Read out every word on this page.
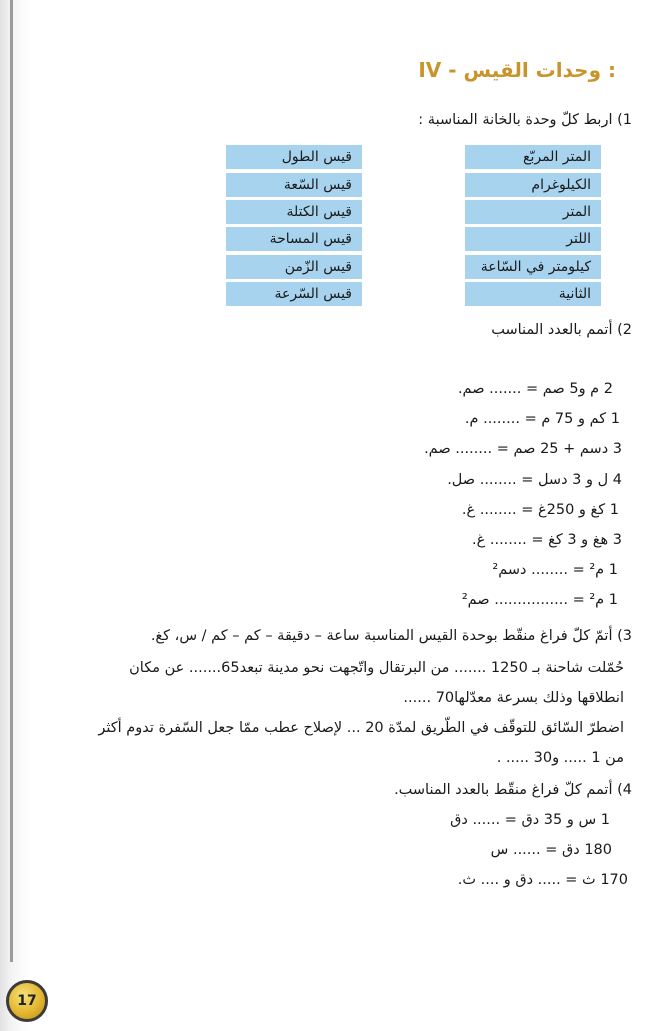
IV - وحدات القيس :
1) اربط كلّ وحدة بالخانة المناسبة :
المتر المربّع
الكيلوغرام
المتر
اللتر
كيلومتر في السّاعة
الثانية
قيس الطول
قيس السّعة
قيس الكتلة
قيس المساحة
قيس الزّمن
قيس السّرعة
2) أتمم بالعدد المناسب
2 م و5 صم = ....... صم.
1 كم و 75 م = ........ م.
3 دسم + 25 صم = ........ صم.
4 ل و 3 دسل = ........ صل.
1 كغ و 250غ = ........ غ.
3 هغ و 3 كغ = ........ غ.
1 م² = ........ دسم²
1 م² = ................ صم²
3) أتمّ كلّ فراغ منقّط بوحدة القيس المناسبة ساعة – دقيقة – كم – كم / س، كغ.
حُمّلت شاحنة بـ 1250 ....... من البرتقال واتّجهت نحو مدينة تبعد65....... عن مكان
انطلاقها وذلك بسرعة معدّلها70 ......
اضطرّ السّائق للتوقّف في الطّريق لمدّة 20 ... لإصلاح عطب ممّا جعل السّفرة تدوم أكثر
من 1 ..... و30 ..... .
4) أتمم كلّ فراغ منقّط بالعدد المناسب.
1 س و 35 دق = ...... دق
180 دق = ...... س
170 ث = ..... دق و .... ث.
17
